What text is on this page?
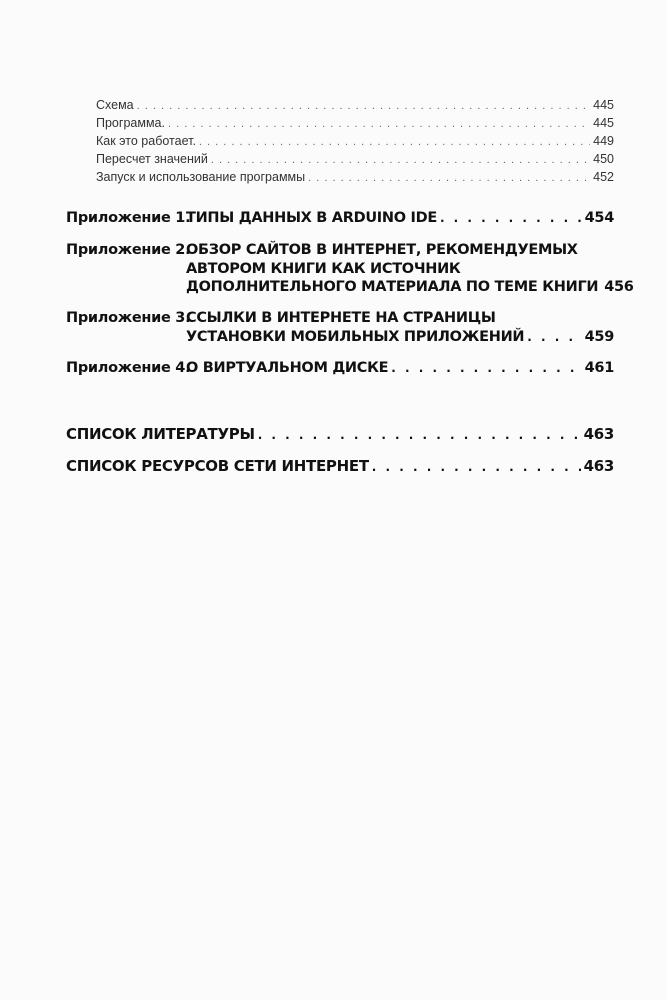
Схема . . .	445
Программа. . . .	445
Как это работает. . . .	449
Пересчет значений . . .	450
Запуск и использование программы . . .	452
Приложение 1.
ТИПЫ ДАННЫХ В ARDUINO IDE . . .	454
Приложение 2.
ОБЗОР САЙТОВ В ИНТЕРНЕТ, РЕКОМЕНДУЕМЫХ
АВТОРОМ КНИГИ КАК ИСТОЧНИК
ДОПОЛНИТЕЛЬНОГО МАТЕРИАЛА ПО ТЕМЕ КНИГИ 456
Приложение 3.
ССЫЛКИ В ИНТЕРНЕТЕ НА СТРАНИЦЫ
УСТАНОВКИ МОБИЛЬНЫХ ПРИЛОЖЕНИЙ . . .	459
Приложение 4.
О ВИРТУАЛЬНОМ ДИСКЕ . . .	461
СПИСОК ЛИТЕРАТУРЫ . . .	463
СПИСОК РЕСУРСОВ СЕТИ ИНТЕРНЕТ . . .	463
